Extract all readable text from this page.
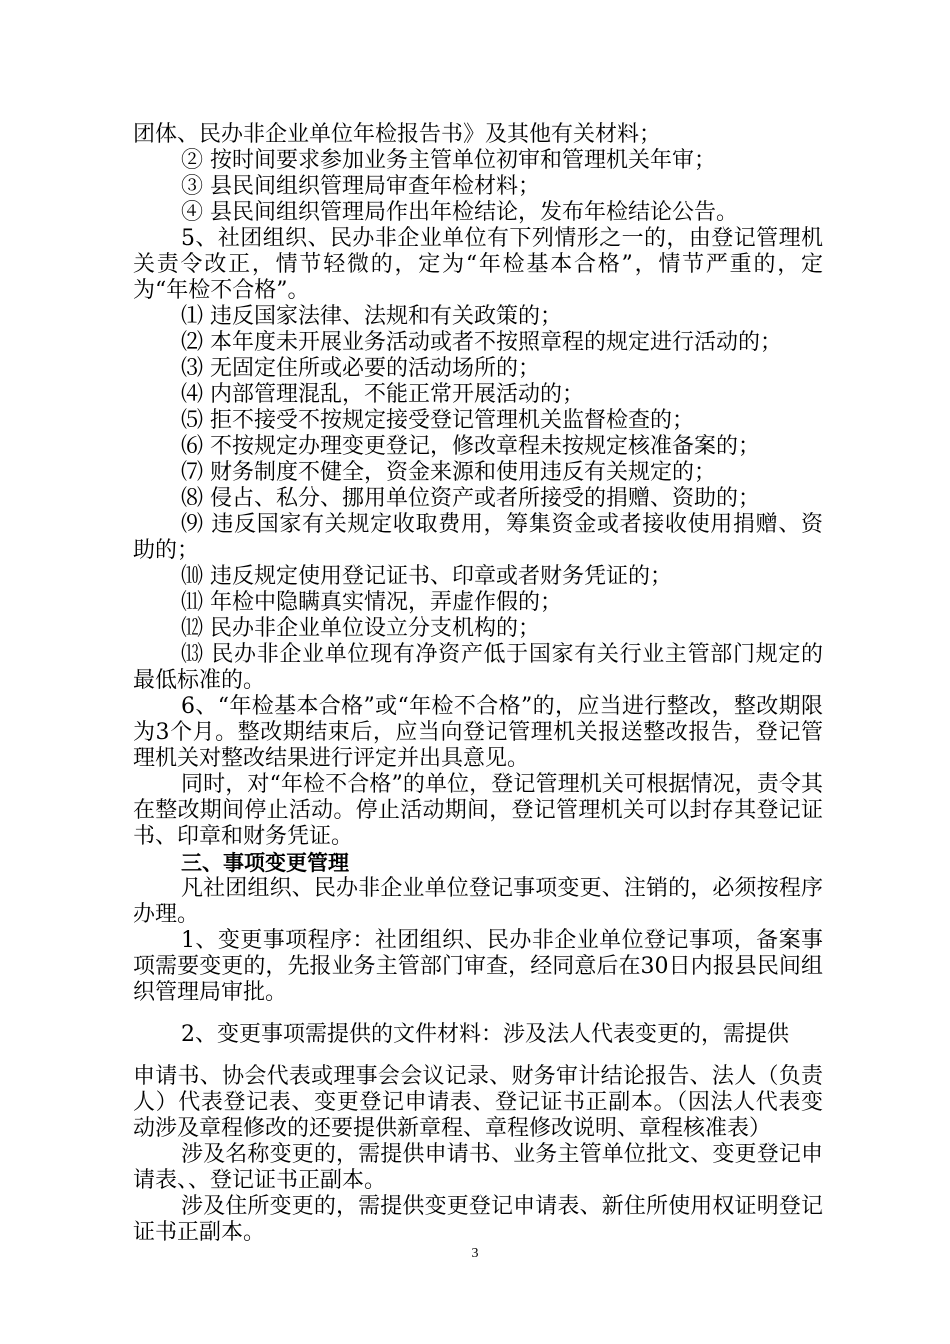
团体、民办非企业单位年检报告书》及其他有关材料；

② 按时间要求参加业务主管单位初审和管理机关年审；

③ 县民间组织管理局审查年检材料；

④ 县民间组织管理局作出年检结论，发布年检结论公告。

5、社团组织、民办非企业单位有下列情形之一的，由登记管理机关责令改正，情节轻微的，定为“年检基本合格”，情节严重的，定为“年检不合格”。

⑴ 违反国家法律、法规和有关政策的；

⑵ 本年度未开展业务活动或者不按照章程的规定进行活动的；

⑶ 无固定住所或必要的活动场所的；

⑷ 内部管理混乱，不能正常开展活动的；

⑸ 拒不接受不按规定接受登记管理机关监督检查的；

⑹ 不按规定办理变更登记，修改章程未按规定核准备案的；

⑺ 财务制度不健全，资金来源和使用违反有关规定的；

⑻ 侵占、私分、挪用单位资产或者所接受的捐赠、资助的；

⑼ 违反国家有关规定收取费用，筹集资金或者接收使用捐赠、资助的；

⑽ 违反规定使用登记证书、印章或者财务凭证的；

⑾ 年检中隐瞒真实情况，弄虚作假的；

⑿ 民办非企业单位设立分支机构的；

⒀ 民办非企业单位现有净资产低于国家有关行业主管部门规定的最低标准的。

6、“年检基本合格”或“年检不合格”的，应当进行整改，整改期限为3个月。整改期结束后，应当向登记管理机关报送整改报告，登记管理机关对整改结果进行评定并出具意见。

同时，对“年检不合格”的单位，登记管理机关可根据情况，责令其在整改期间停止活动。停止活动期间，登记管理机关可以封存其登记证书、印章和财务凭证。

三、事项变更管理

凡社团组织、民办非企业单位登记事项变更、注销的，必须按程序办理。

1、变更事项程序：社团组织、民办非企业单位登记事项，备案事项需要变更的，先报业务主管部门审查，经同意后在30日内报县民间组织管理局审批。

2、变更事项需提供的文件材料：涉及法人代表变更的，需提供

申请书、协会代表或理事会会议记录、财务审计结论报告、法人（负责人）代表登记表、变更登记申请表、登记证书正副本。（因法人代表变动涉及章程修改的还要提供新章程、章程修改说明、章程核准表）

涉及名称变更的，需提供申请书、业务主管单位批文、变更登记申请表、、登记证书正副本。

涉及住所变更的，需提供变更登记申请表、新住所使用权证明登记证书正副本。

3
